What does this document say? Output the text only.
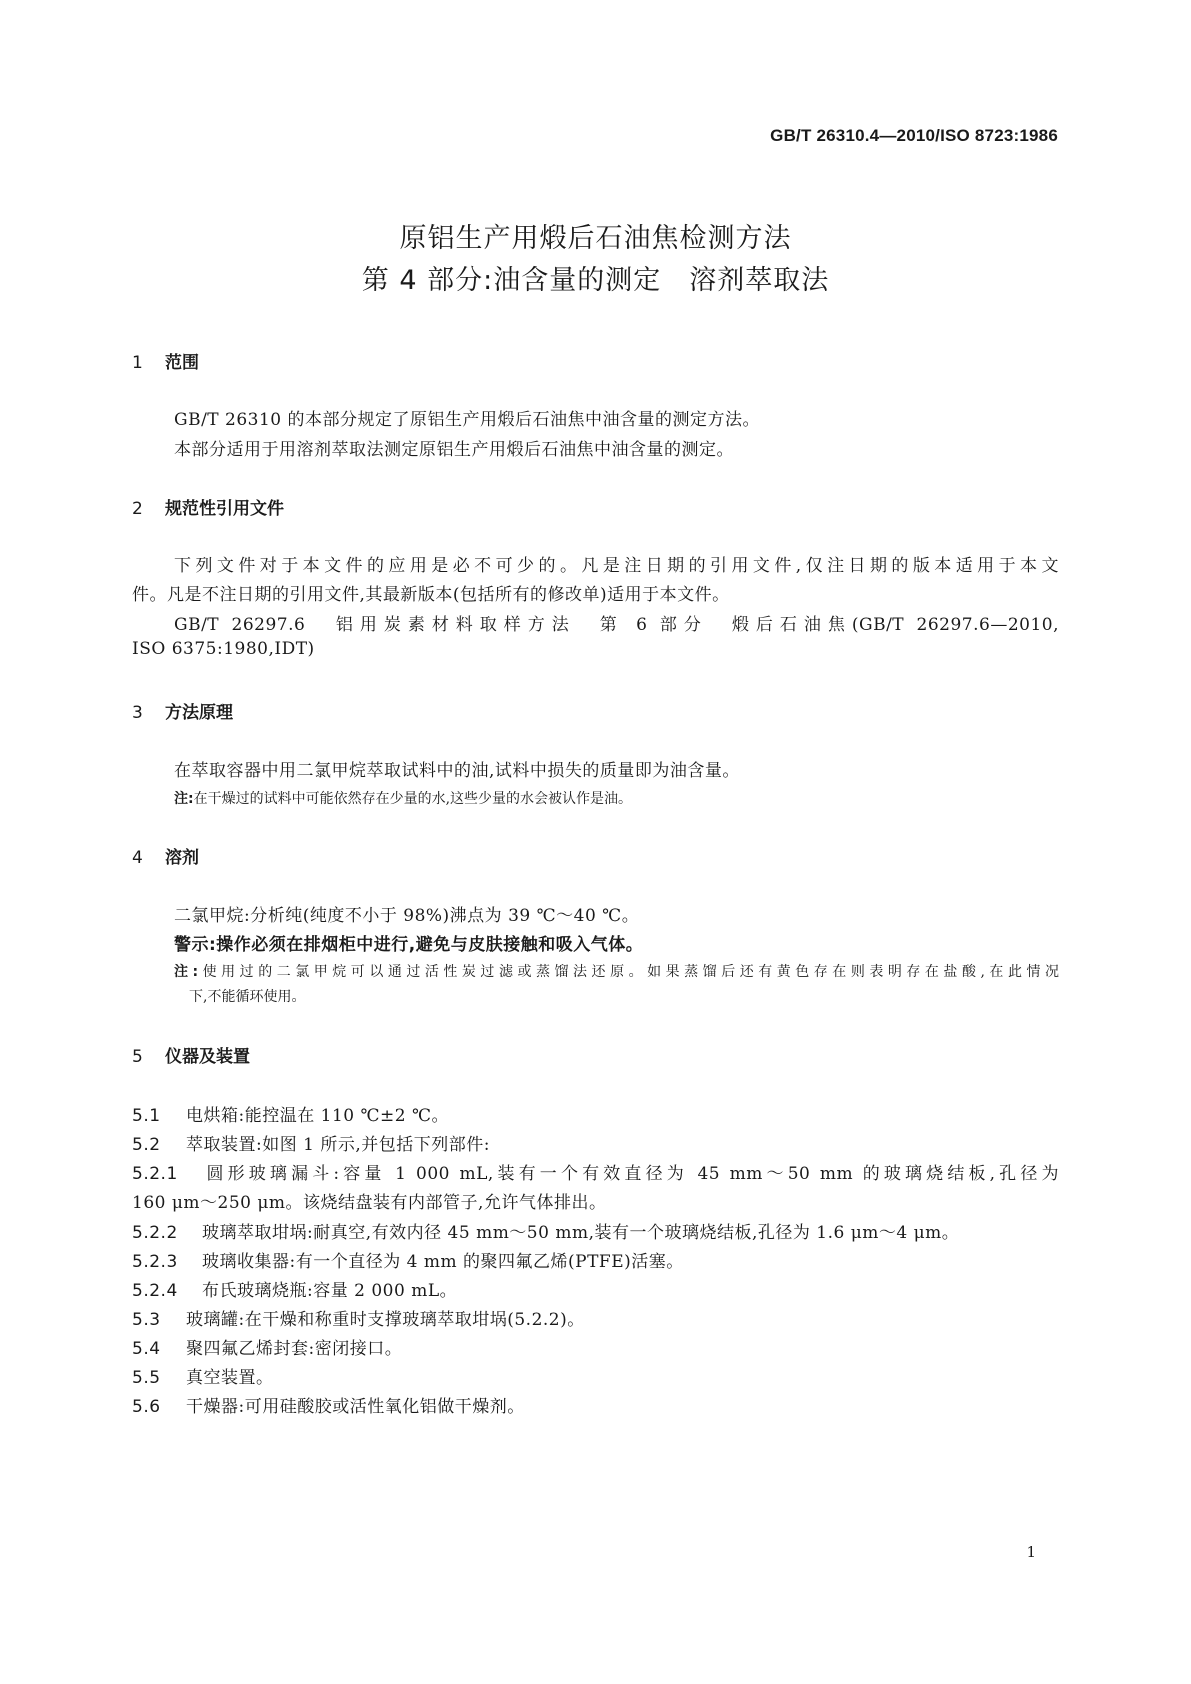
GB/T 26310.4—2010/ISO 8723:1986
原铝生产用煅后石油焦检测方法
第 4 部分:油含量的测定　溶剂萃取法
1 范围
GB/T 26310 的本部分规定了原铝生产用煅后石油焦中油含量的测定方法。
本部分适用于用溶剂萃取法测定原铝生产用煅后石油焦中油含量的测定。
2 规范性引用文件
下列文件对于本文件的应用是必不可少的。凡是注日期的引用文件,仅注日期的版本适用于本文
件。凡是不注日期的引用文件,其最新版本(包括所有的修改单)适用于本文件。
GB/T 26297.6　铝用炭素材料取样方法　第 6 部分　煅后石油焦(GB/T 26297.6—2010,
ISO 6375:1980,IDT)
3 方法原理
在萃取容器中用二氯甲烷萃取试料中的油,试料中损失的质量即为油含量。
注:在干燥过的试料中可能依然存在少量的水,这些少量的水会被认作是油。
4 溶剂
二氯甲烷:分析纯(纯度不小于 98%)沸点为 39 ℃～40 ℃。
警示:操作必须在排烟柜中进行,避免与皮肤接触和吸入气体。
注:使用过的二氯甲烷可以通过活性炭过滤或蒸馏法还原。如果蒸馏后还有黄色存在则表明存在盐酸,在此情况
下,不能循环使用。
5 仪器及装置
5.1 电烘箱:能控温在 110 ℃±2 ℃。
5.2 萃取装置:如图 1 所示,并包括下列部件:
5.2.1 圆形玻璃漏斗:容量 1 000 mL,装有一个有效直径为 45 mm～50 mm 的玻璃烧结板,孔径为
160 μm～250 μm。该烧结盘装有内部管子,允许气体排出。
5.2.2 玻璃萃取坩埚:耐真空,有效内径 45 mm～50 mm,装有一个玻璃烧结板,孔径为 1.6 μm～4 μm。
5.2.3 玻璃收集器:有一个直径为 4 mm 的聚四氟乙烯(PTFE)活塞。
5.2.4 布氏玻璃烧瓶:容量 2 000 mL。
5.3 玻璃罐:在干燥和称重时支撑玻璃萃取坩埚(5.2.2)。
5.4 聚四氟乙烯封套:密闭接口。
5.5 真空装置。
5.6 干燥器:可用硅酸胶或活性氧化铝做干燥剂。
1
